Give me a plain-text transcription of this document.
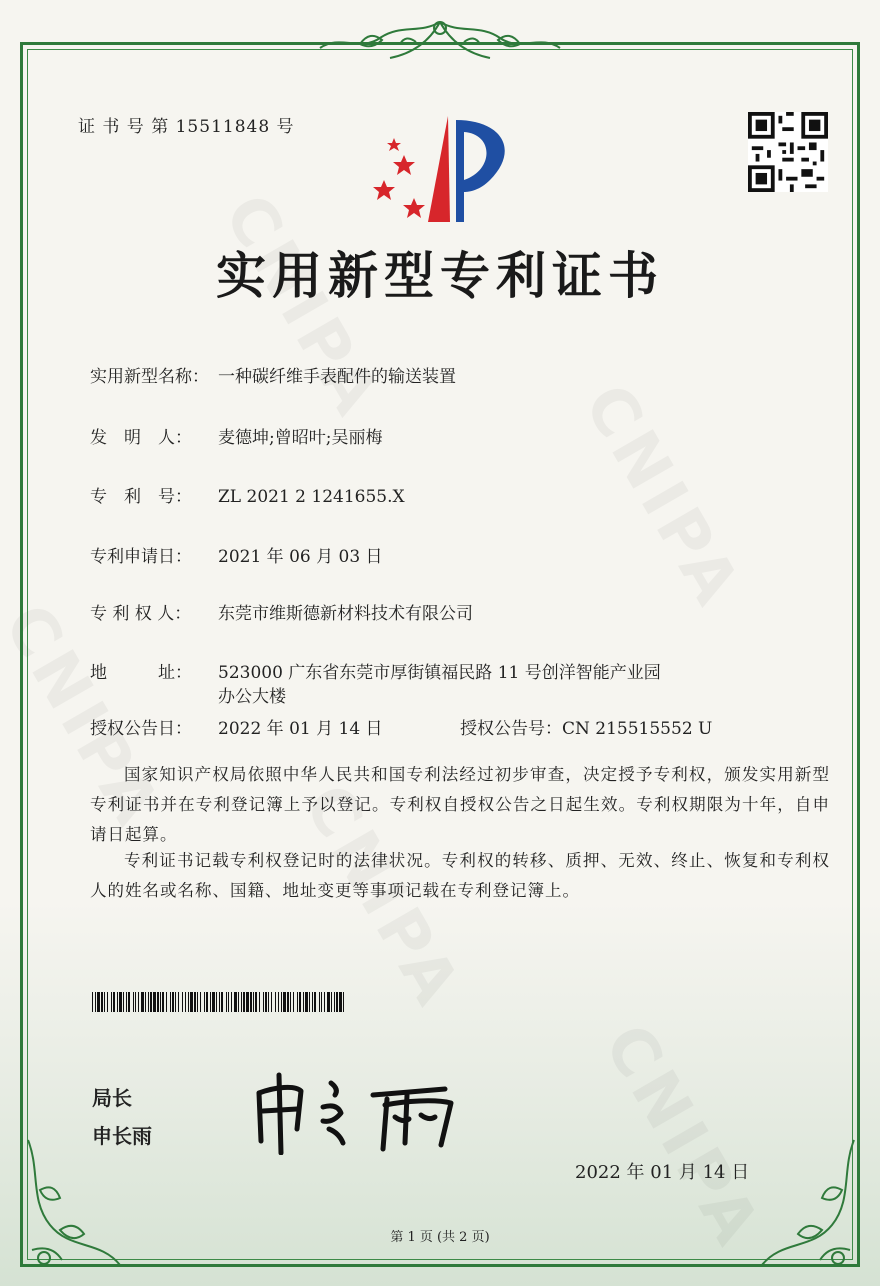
证 书 号 第 15511848 号
实用新型专利证书
实用新型名称： 一种碳纤维手表配件的输送装置
发　明　人： 麦德坤;曾昭叶;吴丽梅
专　利　号： ZL 2021 2 1241655.X
专利申请日： 2021 年 06 月 03 日
专 利 权 人： 东莞市维斯德新材料技术有限公司
地　　　址： 523000 广东省东莞市厚街镇福民路 11 号创洋智能产业园
办公大楼
授权公告日： 2022 年 01 月 14 日	授权公告号：CN 215515552 U
国家知识产权局依照中华人民共和国专利法经过初步审查，决定授予专利权，颁发实用新型专利证书并在专利登记簿上予以登记。专利权自授权公告之日起生效。专利权期限为十年，自申请日起算。
专利证书记载专利权登记时的法律状况。专利权的转移、质押、无效、终止、恢复和专利权人的姓名或名称、国籍、地址变更等事项记载在专利登记簿上。
局长
申长雨
2022 年 01 月 14 日
第 1 页 (共 2 页)
